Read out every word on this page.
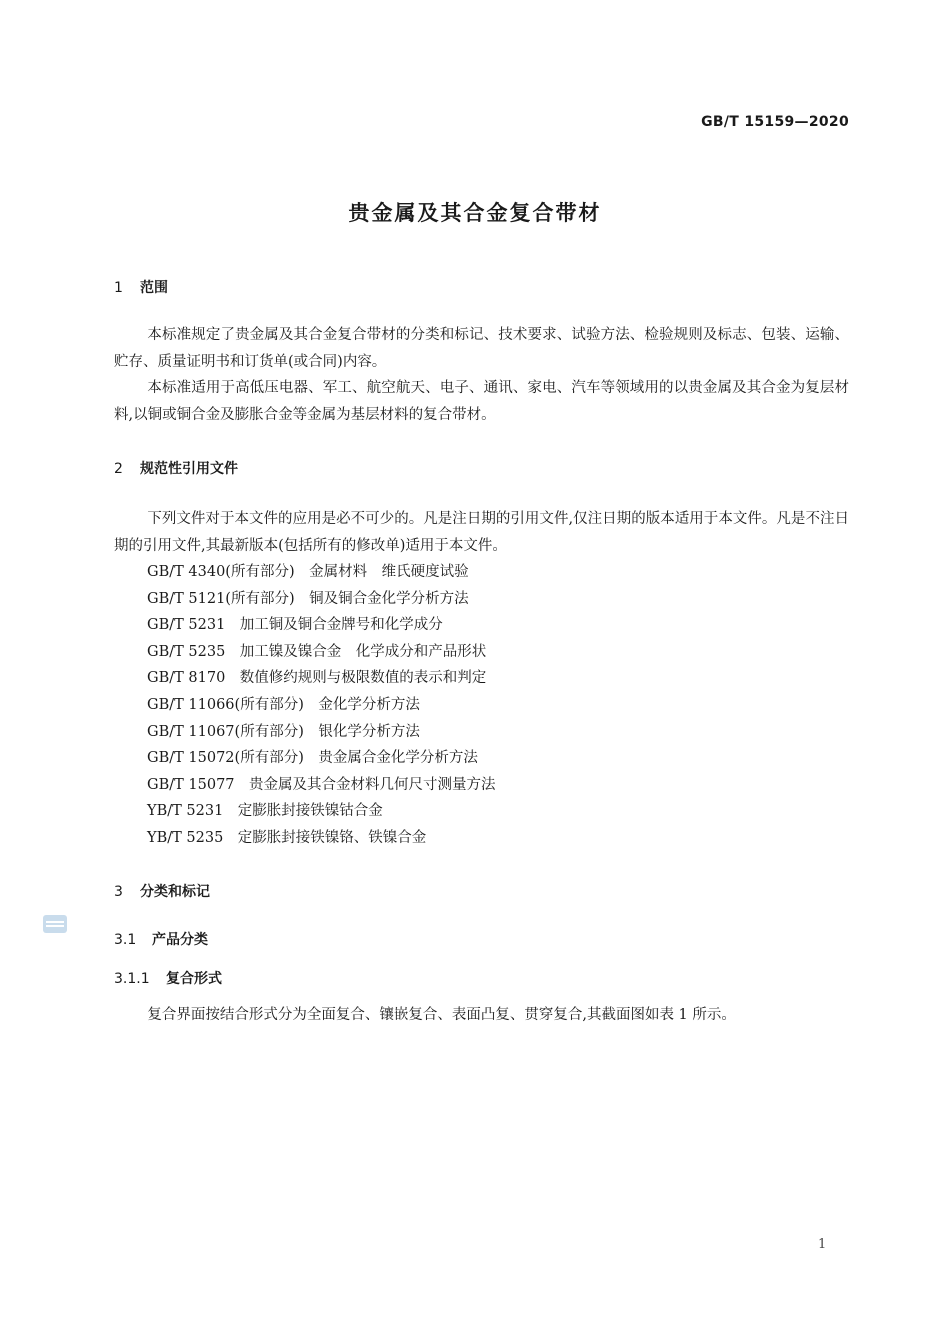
GB/T 15159—2020
贵金属及其合金复合带材
1 范围

本标准规定了贵金属及其合金复合带材的分类和标记、技术要求、试验方法、检验规则及标志、包装、运输、贮存、质量证明书和订货单(或合同)内容。

本标准适用于高低压电器、军工、航空航天、电子、通讯、家电、汽车等领域用的以贵金属及其合金为复层材料,以铜或铜合金及膨胀合金等金属为基层材料的复合带材。

2 规范性引用文件

下列文件对于本文件的应用是必不可少的。凡是注日期的引用文件,仅注日期的版本适用于本文件。凡是不注日期的引用文件,其最新版本(包括所有的修改单)适用于本文件。

GB/T 4340(所有部分)　金属材料　维氏硬度试验
GB/T 5121(所有部分)　铜及铜合金化学分析方法
GB/T 5231　加工铜及铜合金牌号和化学成分
GB/T 5235　加工镍及镍合金　化学成分和产品形状
GB/T 8170　数值修约规则与极限数值的表示和判定
GB/T 11066(所有部分)　金化学分析方法
GB/T 11067(所有部分)　银化学分析方法
GB/T 15072(所有部分)　贵金属合金化学分析方法
GB/T 15077　贵金属及其合金材料几何尺寸测量方法
YB/T 5231　定膨胀封接铁镍钴合金
YB/T 5235　定膨胀封接铁镍铬、铁镍合金
3 分类和标记
3.1 产品分类
3.1.1 复合形式

复合界面按结合形式分为全面复合、镶嵌复合、表面凸复、贯穿复合,其截面图如表 1 所示。

1
